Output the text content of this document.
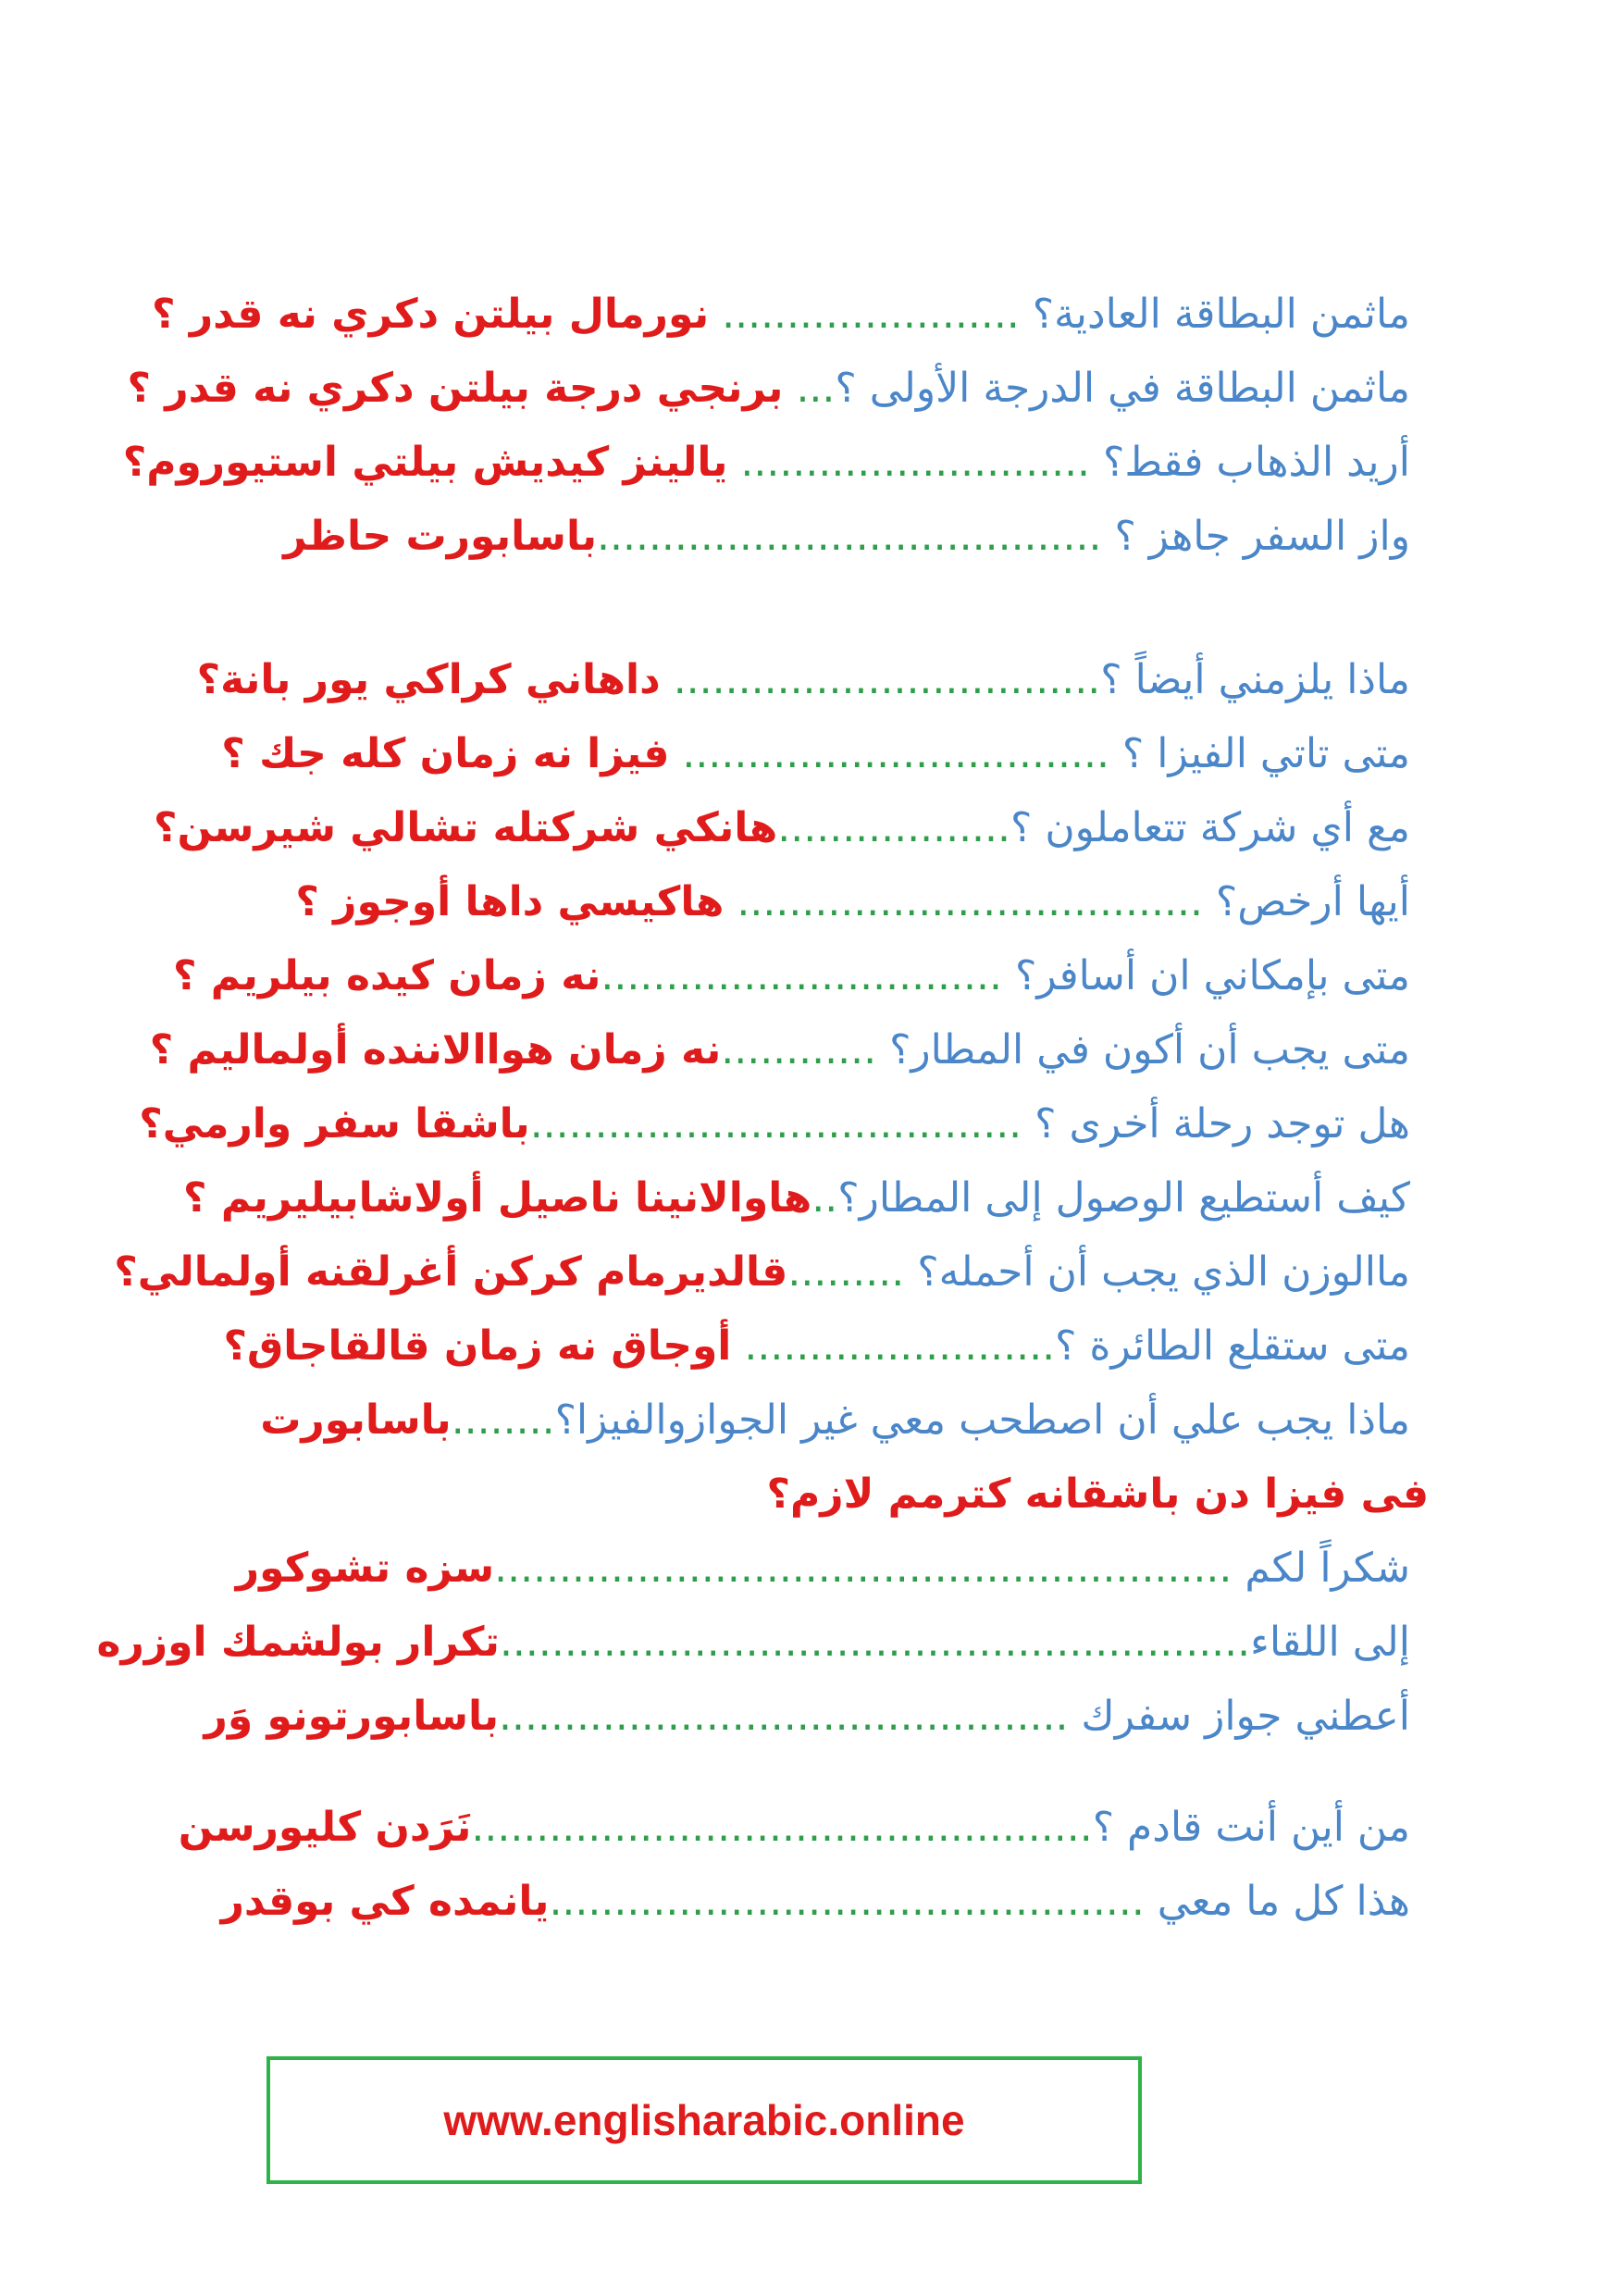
ماثمن البطاقة العادية؟ ....................... نورمال بيلتن دكري نه قدر ؟
ماثمن البطاقة في الدرجة الأولى ؟... برنجي درجة بيلتن دكري نه قدر ؟
أريد الذهاب فقط؟ ........................... يالينز كيديش بيلتي استيوروم؟
واز السفر جاهز ؟ .......................................باسابورت حاظر
ماذا يلزمني أيضاً ؟................................. داهاني كراكي يور بانة؟
متى تاتي الفيزا ؟ ................................. فيزا نه زمان كله جك ؟
مع أي شركة تتعاملون ؟..................هانكي شركتله تشالي شيرسن؟
أيها أرخص؟ .................................... هاكيسي داها أوجوز ؟
متى بإمكاني ان أسافر؟ ...............................نه زمان كيده بيلريم ؟
متى يجب أن أكون في المطار؟ ............نه زمان هوا‌الاننده أولماليم ؟
هل توجد رحلة أخرى ؟ ......................................باشقا سفر وارمي؟
كيف أستطيع الوصول إلى المطار؟..هاوا‌لانينا ناصيل أولاشابيليريم ؟
ماالوزن الذي يجب أن أحمله؟ .........قالديرمام كركن أغرلقنه أولمالي؟
متى ستقلع الطائرة ؟........................ أوجاق نه زمان قالقاجاق؟
ماذا يجب علي أن اصطحب معي غير الجوازوالفيزا؟........باسابورت
فى فيزا دن باشقانه كترمم لازم؟
شكراً لكم .........................................................سزه تشوكور
إلى اللقاء..........................................................تكرار بولشمك اوزره
أعطني جواز سفرك ............................................باسابورتونو وَر
من أين أنت قادم ؟................................................نَرَدن كليورسن
هذا كل ما معي ..............................................يانمده كي بوقدر
www.englisharabic.online
